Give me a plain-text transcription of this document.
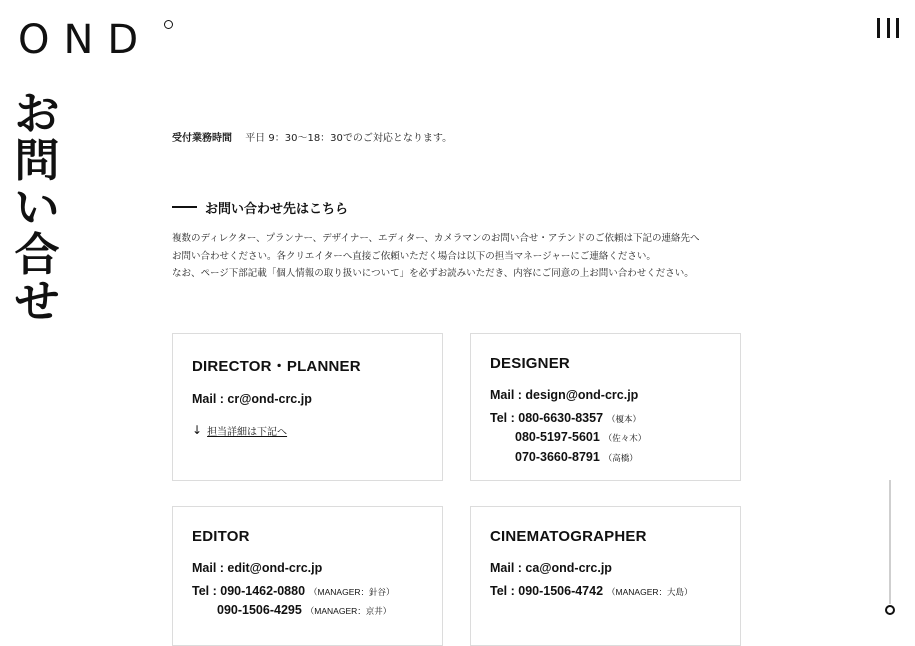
OND
お問い合せ
受付業務時間 平日 9：30〜18：30でのご対応となります。
お問い合わせ先はこちら
複数のディレクター、プランナー、デザイナー、エディター、カメラマンのお問い合せ・アテンドのご依頼は下記の連絡先へ
お問い合わせください。各クリエイターへ直接ご依頼いただく場合は以下の担当マネージャーにご連絡ください。
なお、ページ下部記載「個人情報の取り扱いについて」を必ずお読みいただき、内容にご同意の上お問い合わせください。
DIRECTOR・PLANNER
Mail : cr@ond-crc.jp
↓ 担当詳細は下記へ
DESIGNER
Mail : design@ond-crc.jp
Tel : 080-6630-8357 （榎本）
080-5197-5601 （佐々木）
070-3660-8791 （高橋）
EDITOR
Mail : edit@ond-crc.jp
Tel : 090-1462-0880 （MANAGER：針谷）
090-1506-4295 （MANAGER：京井）
CINEMATOGRAPHER
Mail : ca@ond-crc.jp
Tel : 090-1506-4742 （MANAGER：大島）
